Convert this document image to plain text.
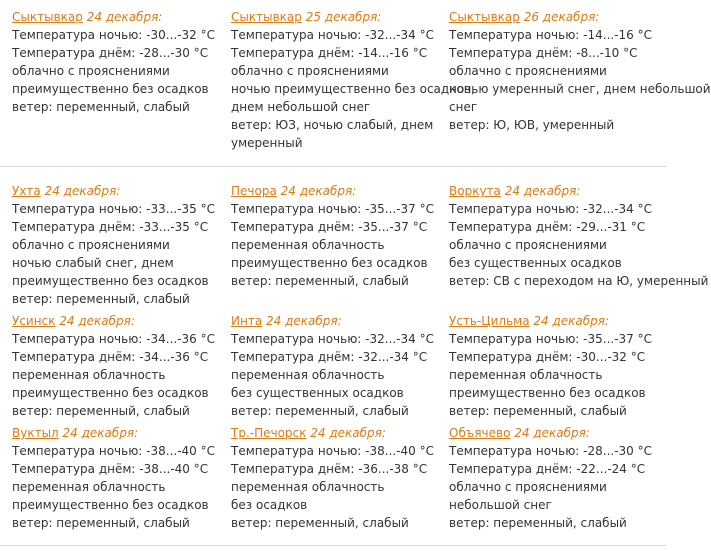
Сыктывкар 24 декабря:
Температура ночью: -30...-32 °С
Температура днём: -28...-30 °С
облачно с прояснениями
преимущественно без осадков
ветер: переменный, слабый
Сыктывкар 25 декабря:
Температура ночью: -32...-34 °С
Температура днём: -14...-16 °С
облачно с прояснениями
ночью преимущественно без осадков,
днем небольшой снег
ветер: ЮЗ, ночью слабый, днем
умеренный
Сыктывкар 26 декабря:
Температура ночью: -14...-16 °С
Температура днём: -8...-10 °С
облачно с прояснениями
ночью умеренный снег, днем небольшой
снег
ветер: Ю, ЮВ, умеренный
Ухта 24 декабря:
Температура ночью: -33...-35 °С
Температура днём: -33...-35 °С
облачно с прояснениями
ночью слабый снег, днем
преимущественно без осадков
ветер: переменный, слабый
Печора 24 декабря:
Температура ночью: -35...-37 °С
Температура днём: -35...-37 °С
переменная облачность
преимущественно без осадков
ветер: переменный, слабый
Воркута 24 декабря:
Температура ночью: -32...-34 °С
Температура днём: -29...-31 °С
облачно с прояснениями
без существенных осадков
ветер: СВ с переходом на Ю, умеренный
Усинск 24 декабря:
Температура ночью: -34...-36 °С
Температура днём: -34...-36 °С
переменная облачность
преимущественно без осадков
ветер: переменный, слабый
Инта 24 декабря:
Температура ночью: -32...-34 °С
Температура днём: -32...-34 °С
переменная облачность
без существенных осадков
ветер: переменный, слабый
Усть-Цильма 24 декабря:
Температура ночью: -35...-37 °С
Температура днём: -30...-32 °С
переменная облачность
преимущественно без осадков
ветер: переменный, слабый
Вуктыл 24 декабря:
Температура ночью: -38...-40 °С
Температура днём: -38...-40 °С
переменная облачность
преимущественно без осадков
ветер: переменный, слабый
Тр.-Печорск 24 декабря:
Температура ночью: -38...-40 °С
Температура днём: -36...-38 °С
переменная облачность
без осадков
ветер: переменный, слабый
Объячево 24 декабря:
Температура ночью: -28...-30 °С
Температура днём: -22...-24 °С
облачно с прояснениями
небольшой снег
ветер: переменный, слабый
